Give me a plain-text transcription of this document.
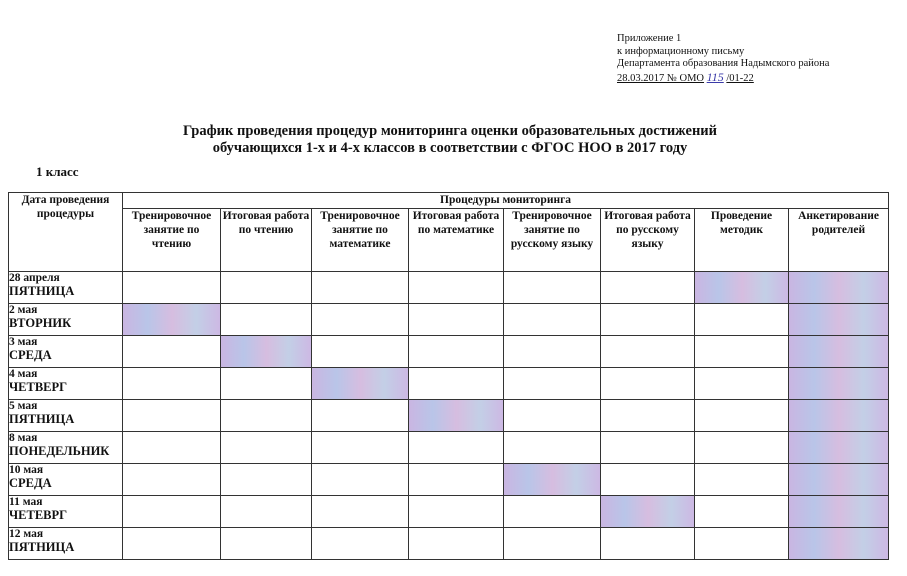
Приложение 1
к информационному письму
Департамента образования Надымского района
28.03.2017 № ОМО 115 /01-22
График проведения процедур мониторинга оценки образовательных достижений
обучающихся 1-х и 4-х классов в соответствии с ФГОС НОО в 2017 году
1 класс
Дата проведения процедуры	Процедуры мониторинга							
	Тренировочное занятие по чтению	Итоговая работа по чтению	Тренировочное занятие по математике	Итоговая работа по математике	Тренировочное занятие по русскому языку	Итоговая работа по русскому языку	Проведение методик	Анкетирование родителей

28 апреля
ПЯТНИЦА								

2 мая
ВТОРНИК								

3 мая
СРЕДА								

4 мая
ЧЕТВЕРГ								

5 мая
ПЯТНИЦА								

8 мая
ПОНЕДЕЛЬНИК								

10 мая
СРЕДА								

11 мая
ЧЕТЕВРГ								

12 мая
ПЯТНИЦА								
